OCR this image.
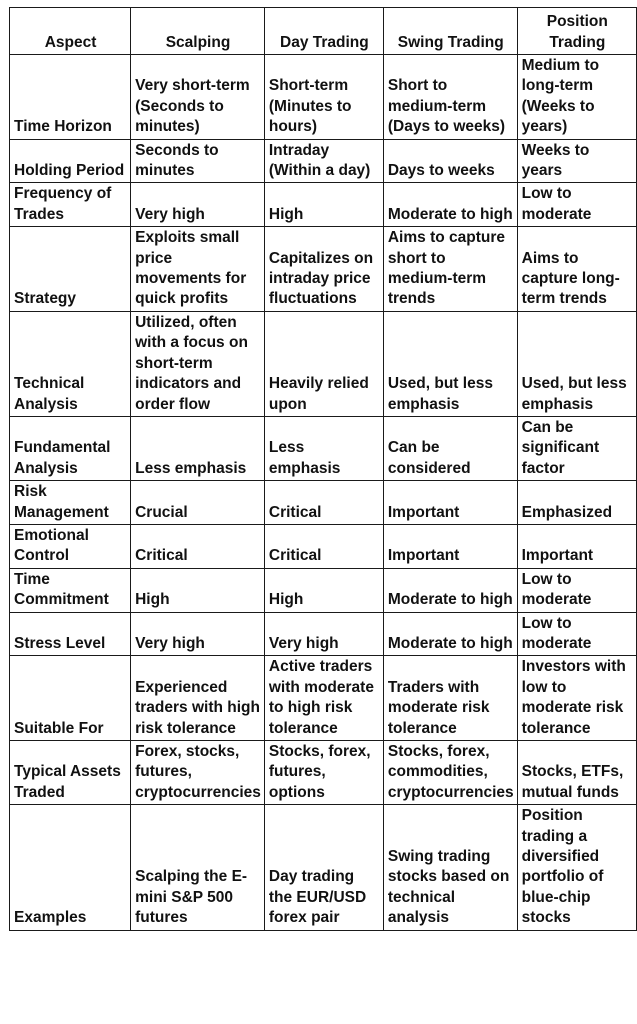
Aspect	Scalping	Day Trading	Swing Trading	Position Trading
Time Horizon	Very short-term (Seconds to minutes)	Short-term (Minutes to hours)	Short to medium-term (Days to weeks)	Medium to long-term (Weeks to years)
Holding Period	Seconds to minutes	Intraday (Within a day)	Days to weeks	Weeks to years
Frequency of Trades	Very high	High	Moderate to high	Low to moderate
Strategy	Exploits small price movements for quick profits	Capitalizes on intraday price fluctuations	Aims to capture short to medium-term trends	Aims to capture long-term trends
Technical Analysis	Utilized, often with a focus on short-term indicators and order flow	Heavily relied upon	Used, but less emphasis	Used, but less emphasis
Fundamental Analysis	Less emphasis	Less emphasis	Can be considered	Can be significant factor
Risk Management	Crucial	Critical	Important	Emphasized
Emotional Control	Critical	Critical	Important	Important
Time Commitment	High	High	Moderate to high	Low to moderate
Stress Level	Very high	Very high	Moderate to high	Low to moderate
Suitable For	Experienced traders with high risk tolerance	Active traders with moderate to high risk tolerance	Traders with moderate risk tolerance	Investors with low to moderate risk tolerance
Typical Assets Traded	Forex, stocks, futures, cryptocurrencies	Stocks, forex, futures, options	Stocks, forex, commodities, cryptocurrencies	Stocks, ETFs, mutual funds
Examples	Scalping the E-mini S&P 500 futures	Day trading the EUR/USD forex pair	Swing trading stocks based on technical analysis	Position trading a diversified portfolio of blue-chip stocks
